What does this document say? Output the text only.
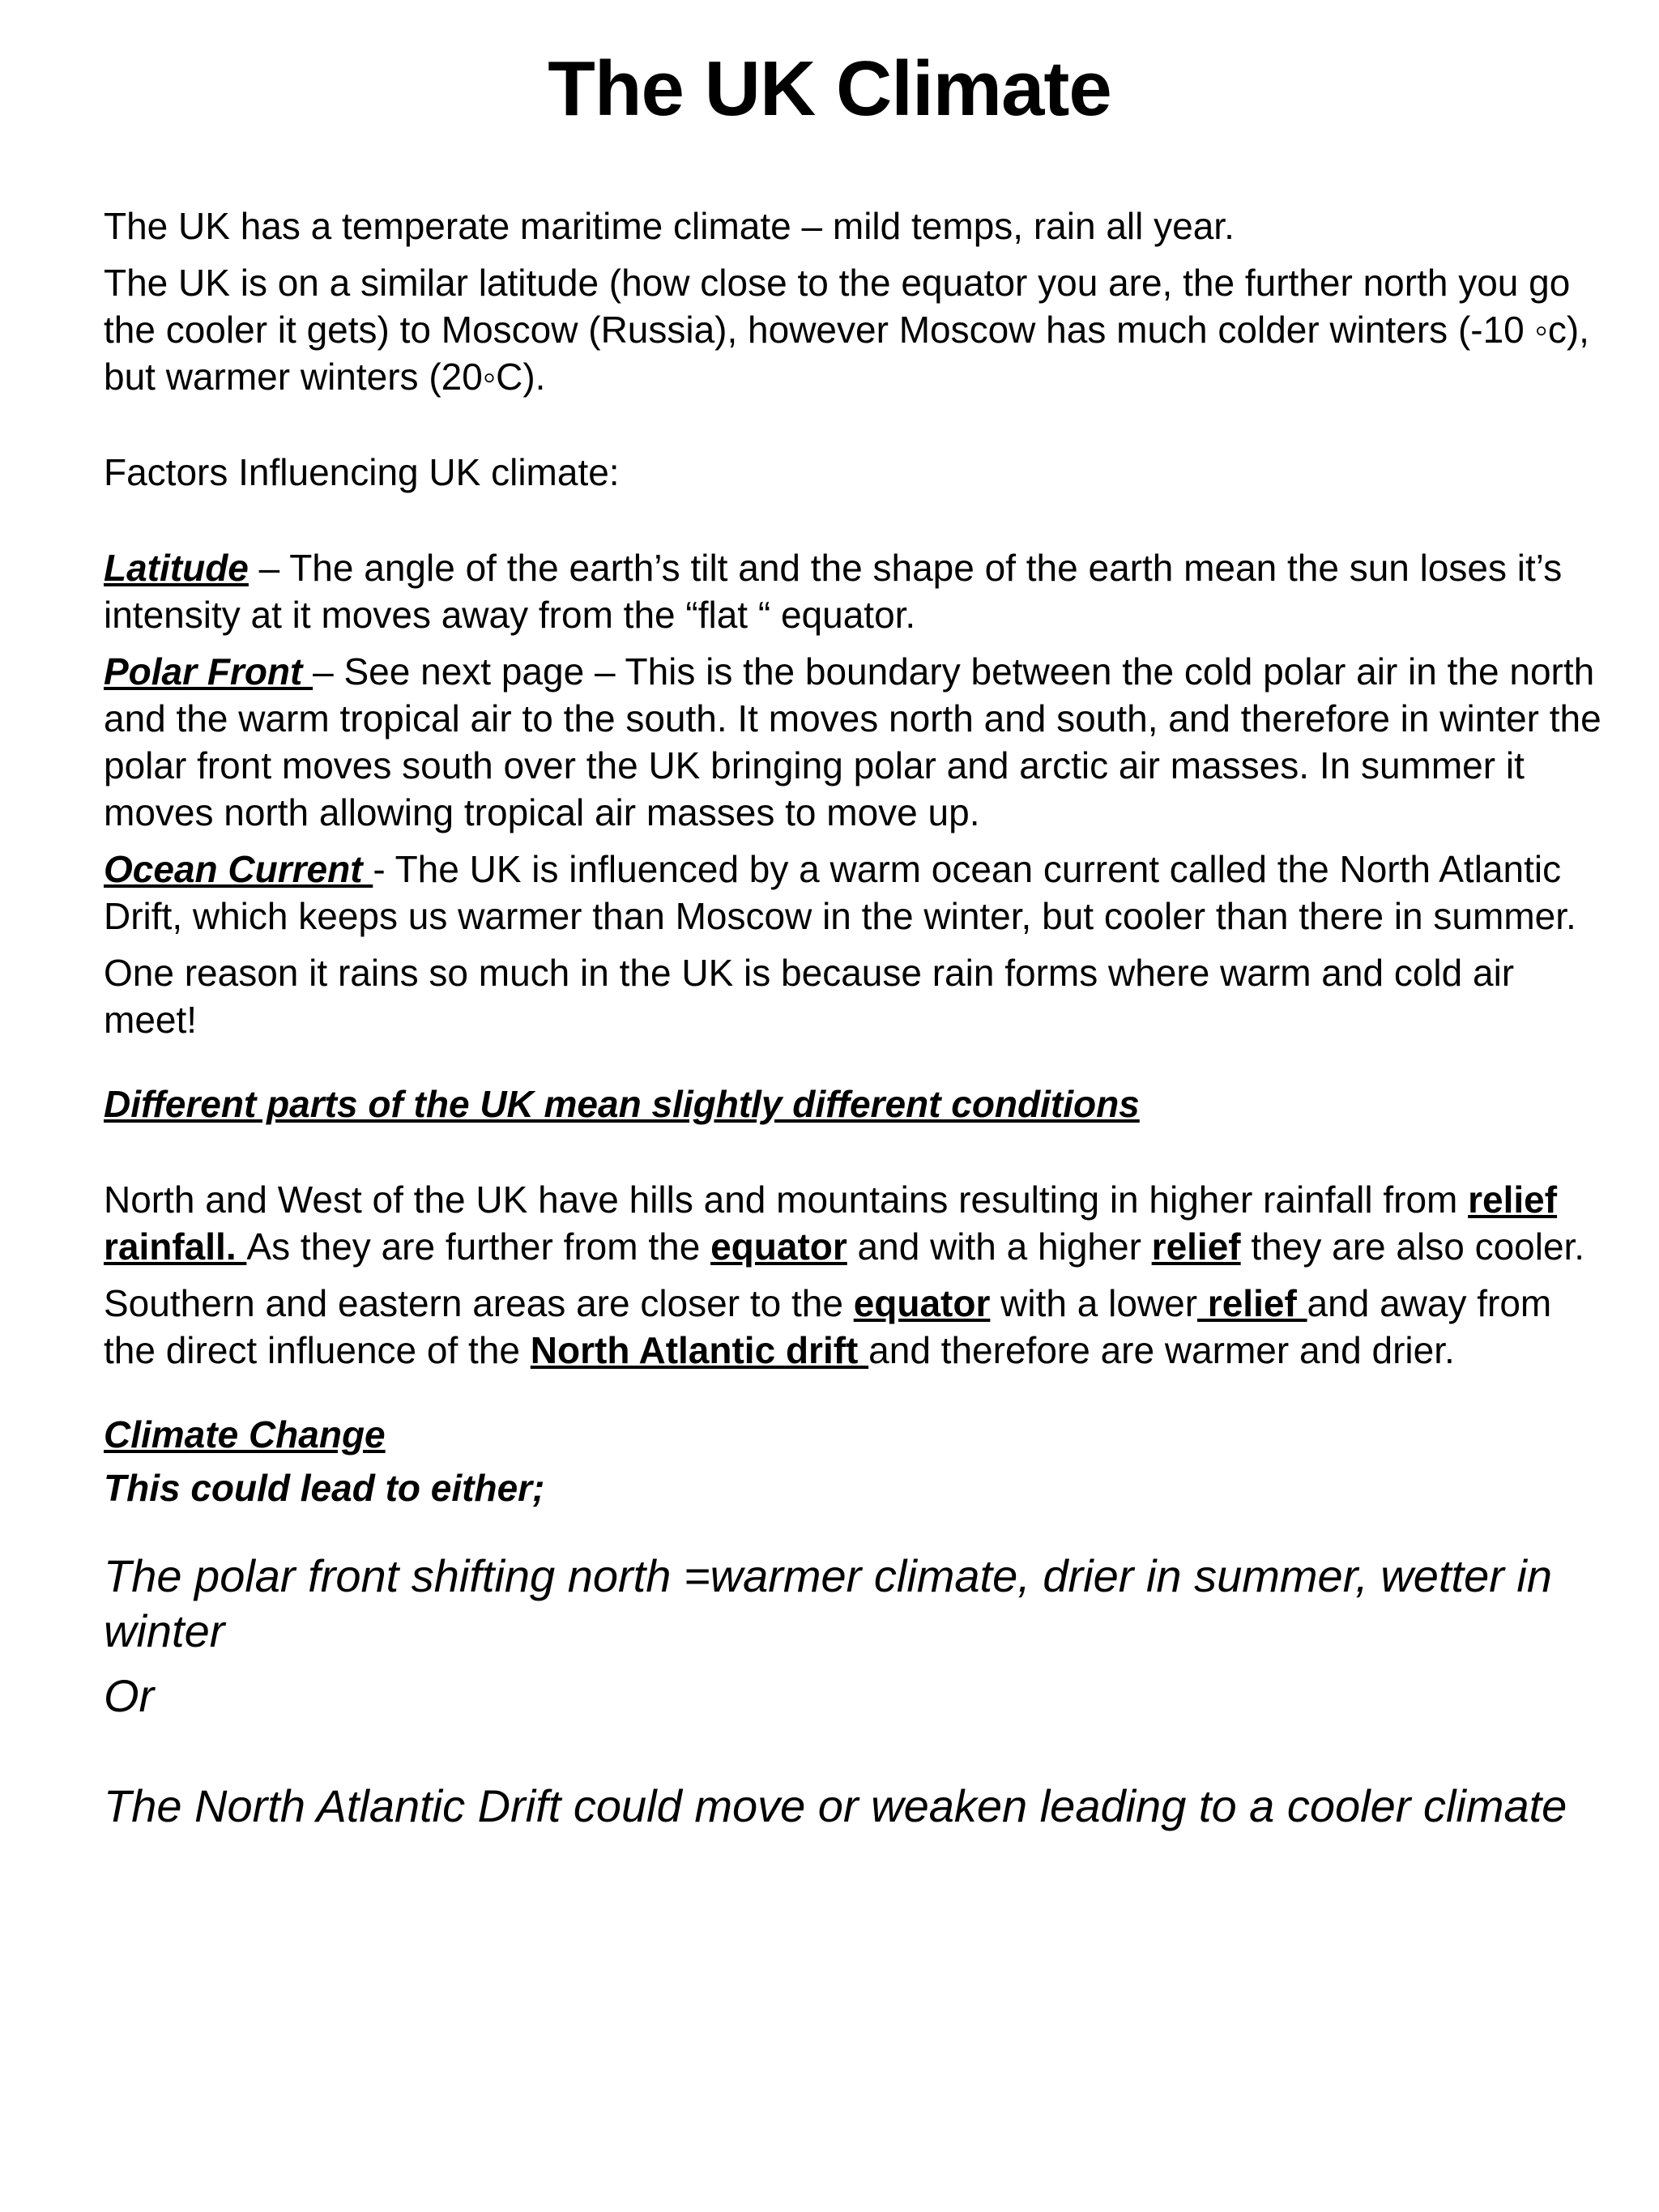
The UK Climate

The UK has a temperate maritime climate – mild temps, rain all year.

The UK is on a similar latitude (how close to the equator you are, the further north you go the cooler it gets) to Moscow (Russia), however Moscow has much colder winters (-10 ◦c), but warmer winters (20◦C).

Factors Influencing UK climate:

Latitude – The angle of the earth’s tilt and the shape of the earth mean the sun loses it’s intensity at it moves away from the “flat “ equator.

Polar Front – See next page – This is the boundary between the cold polar air in the north and the warm tropical air to the south. It moves north and south, and therefore in winter the polar front moves south over the UK bringing polar and arctic air masses. In summer it moves north allowing tropical air masses to move up.

Ocean Current - The UK is influenced by a warm ocean current called the North Atlantic Drift, which keeps us warmer than Moscow in the winter, but cooler than there in summer.

One reason it rains so much in the UK is because rain forms where warm and cold air meet!

Different parts of the UK mean slightly different conditions

North and West of the UK have hills and mountains resulting in higher rainfall from relief rainfall. As they are further from the equator and with a higher relief they are also cooler.

Southern and eastern areas are closer to the equator with a lower relief and away from the direct influence of the North Atlantic drift and therefore are warmer and drier.

Climate Change

This could lead to either;

The polar front shifting north =warmer climate, drier in summer, wetter in winter

Or

The North Atlantic Drift could move or weaken leading to a cooler climate
